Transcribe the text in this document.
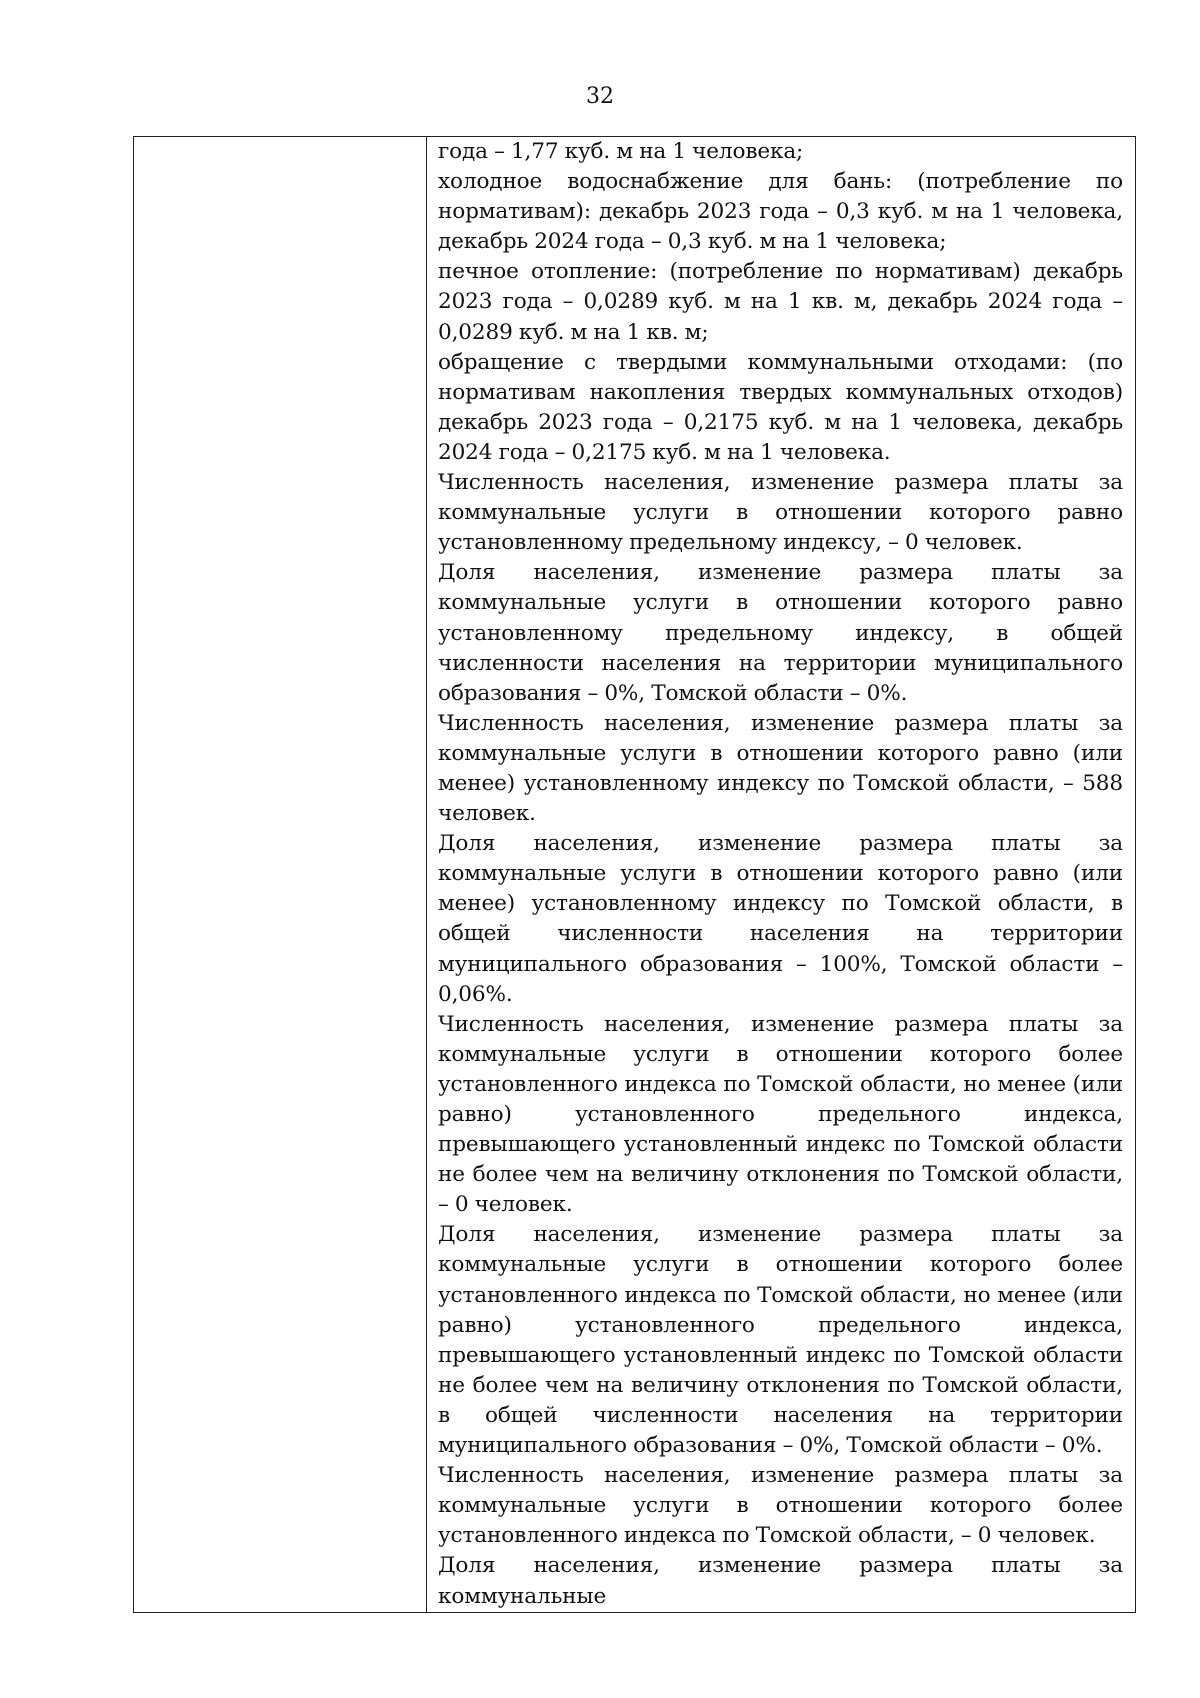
32

года – 1,77 куб. м на 1 человека;

холодное водоснабжение для бань: (потребление по нормативам): декабрь 2023 года – 0,3 куб. м на 1 человека, декабрь 2024 года – 0,3 куб. м на 1 человека;

печное отопление: (потребление по нормативам) декабрь 2023 года – 0,0289 куб. м на 1 кв. м, декабрь 2024 года – 0,0289 куб. м на 1 кв. м;

обращение с твердыми коммунальными отходами: (по нормативам накопления твердых коммунальных отходов) декабрь 2023 года – 0,2175 куб. м на 1 человека, декабрь 2024 года – 0,2175 куб. м на 1 человека.

Численность населения, изменение размера платы за коммунальные услуги в отношении которого равно установленному предельному индексу, – 0 человек.

Доля населения, изменение размера платы за коммунальные услуги в отношении которого равно установленному предельному индексу, в общей численности населения на территории муниципального образования – 0%, Томской области – 0%.

Численность населения, изменение размера платы за коммунальные услуги в отношении которого равно (или менее) установленному индексу по Томской области, – 588 человек.

Доля населения, изменение размера платы за коммунальные услуги в отношении которого равно (или менее) установленному индексу по Томской области, в общей численности населения на территории муниципального образования – 100%, Томской области – 0,06%.

Численность населения, изменение размера платы за коммунальные услуги в отношении которого более установленного индекса по Томской области, но менее (или равно) установленного предельного индекса, превышающего установленный индекс по Томской области не более чем на величину отклонения по Томской области, – 0 человек.

Доля населения, изменение размера платы за коммунальные услуги в отношении которого более установленного индекса по Томской области, но менее (или равно) установленного предельного индекса, превышающего установленный индекс по Томской области не более чем на величину отклонения по Томской области, в общей численности населения на территории муниципального образования – 0%, Томской области – 0%.

Численность населения, изменение размера платы за коммунальные услуги в отношении которого более установленного индекса по Томской области, – 0 человек.

Доля населения, изменение размера платы за коммунальные
